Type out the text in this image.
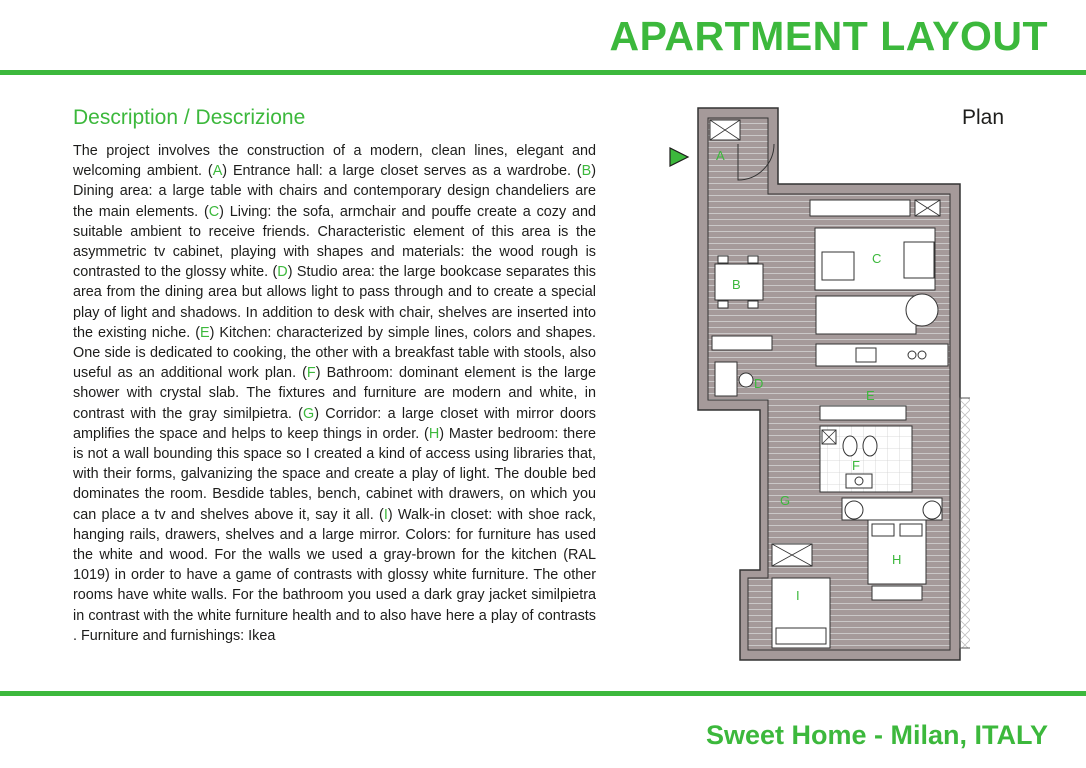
APARTMENT LAYOUT
Description / Descrizione

The project involves the construction of a modern, clean lines, elegant and welcoming ambient. (A) Entrance hall: a large closet serves as a wardrobe. (B) Dining area: a large table with chairs and contemporary design chandeliers are the main elements. (C) Living: the sofa, armchair and pouffe create a cozy and suitable ambient to receive friends. Characteristic element of this area is the asymmetric tv cabinet, playing with shapes and materials: the wood rough is contrasted to the glossy white. (D) Studio area: the large bookcase separates this area from the dining area but allows light to pass through and to create a special play of light and shadows. In addition to desk with chair, shelves are inserted into the existing niche. (E) Kitchen: characterized by simple lines, colors and shapes. One side is dedicated to cooking, the other with a breakfast table with stools, also useful as an additional work plan. (F) Bathroom: dominant element is the large shower with crystal slab. The fixtures and furniture are modern and white, in contrast with the gray similpietra. (G) Corridor: a large closet with mirror doors amplifies the space and helps to keep things in order. (H) Master bedroom: there is not a wall bounding this space so I created a kind of access using libraries that, with their forms, galvanizing the space and create a play of light. The double bed dominates the room. Besdide tables, bench, cabinet with drawers, on which you can place a tv and shelves above it, say it all. (I) Walk-in closet: with shoe rack, hanging rails, drawers, shelves and a large mirror. Colors: for furniture has used the white and wood. For the walls we used a gray-brown for the kitchen (RAL 1019) in order to have a game of contrasts with glossy white furniture. The other rooms have white walls. For the bathroom you used a dark gray jacket similpietra in contrast with the white furniture health and to also have here a play of contrasts . Furniture and furnishings: Ikea

Plan
A
B
C
D
E
F
G
H
I
Sweet Home - Milan, ITALY
